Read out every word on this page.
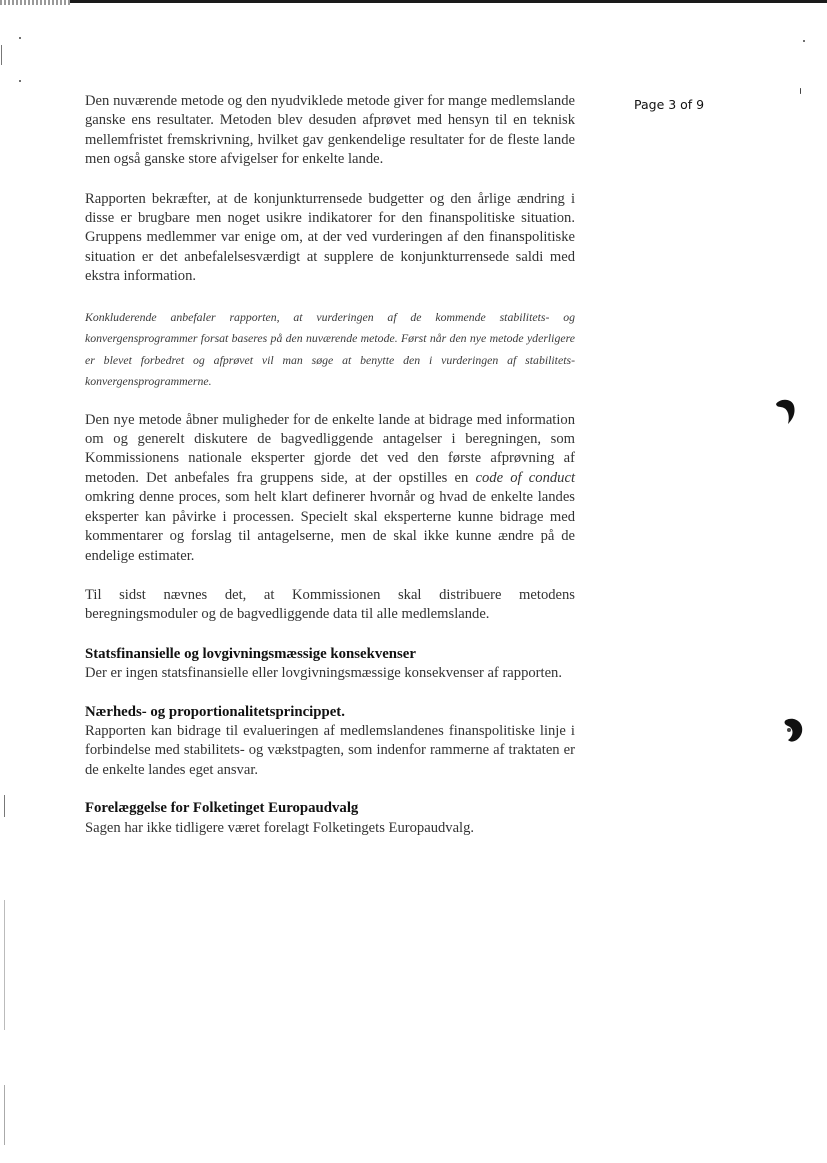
Page 3 of 9

Den nuværende metode og den nyudviklede metode giver for mange medlemslande ganske ens resultater. Metoden blev desuden afprøvet med hensyn til en teknisk mellemfristet fremskrivning, hvilket gav genkendelige resultater for de fleste lande men også ganske store afvigelser for enkelte lande.

Rapporten bekræfter, at de konjunkturrensede budgetter og den årlige ændring i disse er brugbare men noget usikre indikatorer for den finanspolitiske situation. Gruppens medlemmer var enige om, at der ved vurderingen af den finanspolitiske situation er det anbefalelsesværdigt at supplere de konjunkturrensede saldi med ekstra information.

Konkluderende anbefaler rapporten, at vurderingen af de kommende stabilitets- og konvergensprogrammer forsat baseres på den nuværende metode. Først når den nye metode yderligere er blevet forbedret og afprøvet vil man søge at benytte den i vurderingen af stabilitets- konvergensprogrammerne.

Den nye metode åbner muligheder for de enkelte lande at bidrage med information om og generelt diskutere de bagvedliggende antagelser i beregningen, som Kommissionens nationale eksperter gjorde det ved den første afprøvning af metoden. Det anbefales fra gruppens side, at der opstilles en code of conduct omkring denne proces, som helt klart definerer hvornår og hvad de enkelte landes eksperter kan påvirke i processen. Specielt skal eksperterne kunne bidrage med kommentarer og forslag til antagelserne, men de skal ikke kunne ændre på de endelige estimater.

Til sidst nævnes det, at Kommissionen skal distribuere metodens beregningsmoduler og de bagvedliggende data til alle medlemslande.

Statsfinansielle og lovgivningsmæssige konsekvenser

Der er ingen statsfinansielle eller lovgivningsmæssige konsekvenser af rapporten.

Nærheds- og proportionalitetsprincippet.

Rapporten kan bidrage til evalueringen af medlemslandenes finanspolitiske linje i forbindelse med stabilitets- og vækstpagten, som indenfor rammerne af traktaten er de enkelte landes eget ansvar.

Forelæggelse for Folketinget Europaudvalg

Sagen har ikke tidligere været forelagt Folketingets Europaudvalg.
